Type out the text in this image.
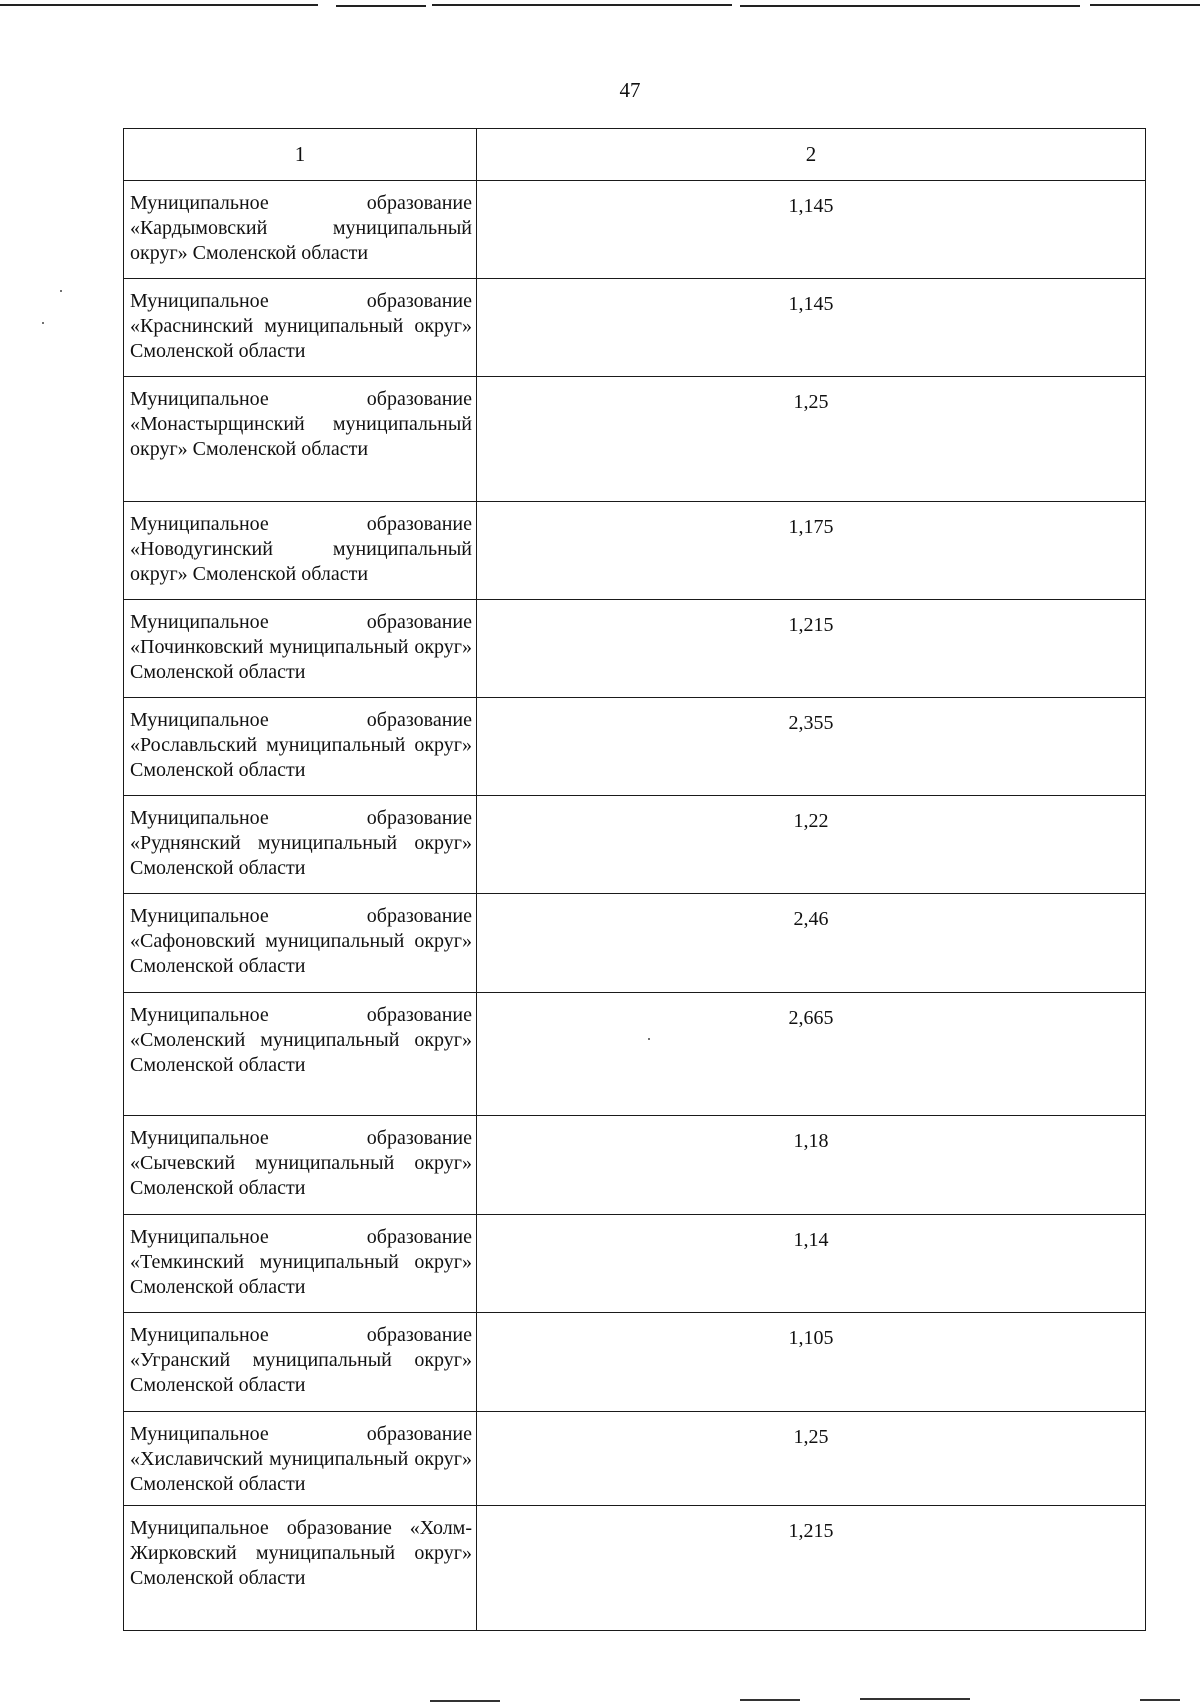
47
1	2
Муниципальное образование «Кардымовский муниципальный округ» Смоленской области	1,145
Муниципальное образование «Краснинский муниципальный округ» Смоленской области	1,145
Муниципальное образование «Монастырщинский муниципальный округ» Смоленской области	1,25
Муниципальное образование «Новодугинский муниципальный округ» Смоленской области	1,175
Муниципальное образование «Починковский муниципальный округ» Смоленской области	1,215
Муниципальное образование «Рославльский муниципальный округ» Смоленской области	2,355
Муниципальное образование «Руднянский муниципальный округ» Смоленской области	1,22
Муниципальное образование «Сафоновский муниципальный округ» Смоленской области	2,46
Муниципальное образование «Смоленский муниципальный округ» Смоленской области	2,665
Муниципальное образование «Сычевский муниципальный округ» Смоленской области	1,18
Муниципальное образование «Темкинский муниципальный округ» Смоленской области	1,14
Муниципальное образование «Угранский муниципальный округ» Смоленской области	1,105
Муниципальное образование «Хиславичский муниципальный округ» Смоленской области	1,25
Муниципальное образование «Холм-Жирковский муниципальный округ» Смоленской области	1,215
